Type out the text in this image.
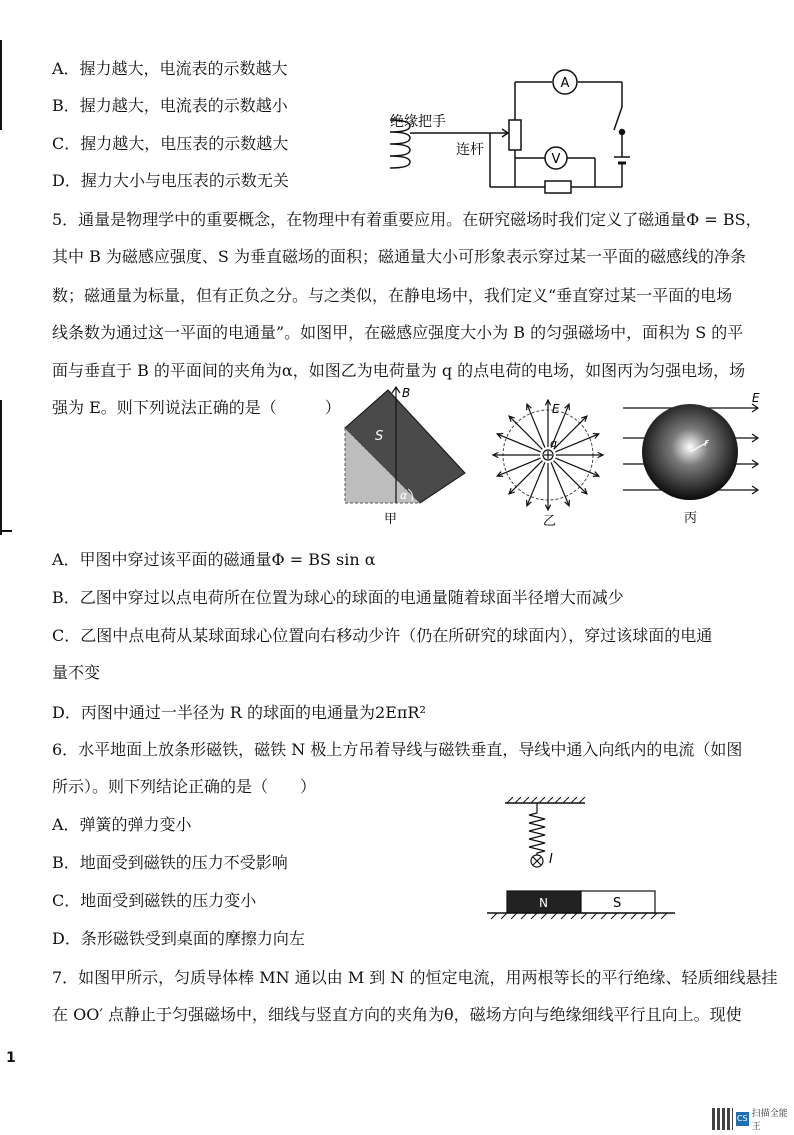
A．握力越大，电流表的示数越大
B．握力越大，电流表的示数越小
C．握力越大，电压表的示数越大
D．握力大小与电压表的示数无关
A
V
绝缘把手
连杆
5．通量是物理学中的重要概念，在物理中有着重要应用。在研究磁场时我们定义了磁通量Φ = BS，
其中 B 为磁感应强度、S 为垂直磁场的面积；磁通量大小可形象表示穿过某一平面的磁感线的净条
数；磁通量为标量，但有正负之分。与之类似，在静电场中，我们定义“垂直穿过某一平面的电场
线条数为通过这一平面的电通量”。如图甲，在磁感应强度大小为 B 的匀强磁场中，面积为 S 的平
面与垂直于 B 的平面间的夹角为α，如图乙为电荷量为 q 的点电荷的电场，如图丙为匀强电场，场
强为 E。则下列说法正确的是（　　　）
B
S
α
甲
E
q
乙
r
E
丙
A．甲图中穿过该平面的磁通量Φ = BS sin α
B．乙图中穿过以点电荷所在位置为球心的球面的电通量随着球面半径增大而减少
C．乙图中点电荷从某球面球心位置向右移动少许（仍在所研究的球面内），穿过该球面的电通
量不变
D．丙图中通过一半径为 R 的球面的电通量为2EπR²
6．水平地面上放条形磁铁，磁铁 N 极上方吊着导线与磁铁垂直，导线中通入向纸内的电流（如图
所示）。则下列结论正确的是（　　）
A．弹簧的弹力变小
B．地面受到磁铁的压力不受影响
C．地面受到磁铁的压力变小
D．条形磁铁受到桌面的摩擦力向左
I
N	S
7．如图甲所示，匀质导体棒 MN 通以由 M 到 N 的恒定电流，用两根等长的平行绝缘、轻质细线悬挂
在 OO′ 点静止于匀强磁场中，细线与竖直方向的夹角为θ，磁场方向与绝缘细线平行且向上。现使
1
CS 扫描全能王
